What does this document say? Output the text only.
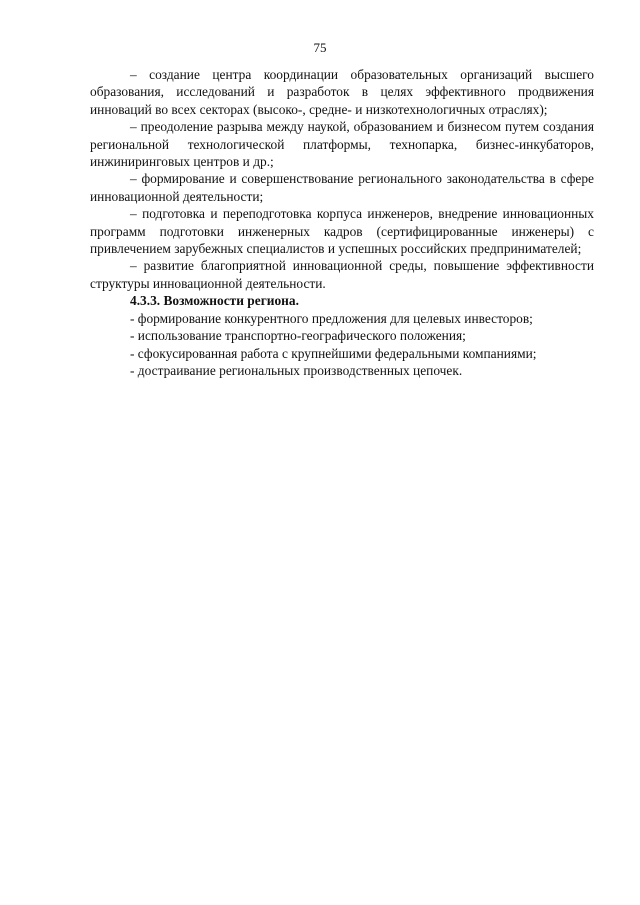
75

– создание центра координации образовательных организаций высшего образования, исследований и разработок в целях эффективного продвижения инноваций во всех секторах (высоко-, средне- и низкотехнологичных отраслях);

– преодоление разрыва между наукой, образованием и бизнесом путем создания региональной технологической платформы, технопарка, бизнес-инкубаторов, инжиниринговых центров и др.;

– формирование и совершенствование регионального законодательства в сфере инновационной деятельности;

– подготовка и переподготовка корпуса инженеров, внедрение инновационных программ подготовки инженерных кадров (сертифицированные инженеры) с привлечением зарубежных специалистов и успешных российских предпринимателей;

– развитие благоприятной инновационной среды, повышение эффективности структуры инновационной деятельности.

4.3.3. Возможности региона.

- формирование конкурентного предложения для целевых инвесторов;

- использование транспортно-географического положения;

- сфокусированная работа с крупнейшими федеральными компаниями;

- достраивание региональных производственных цепочек.
